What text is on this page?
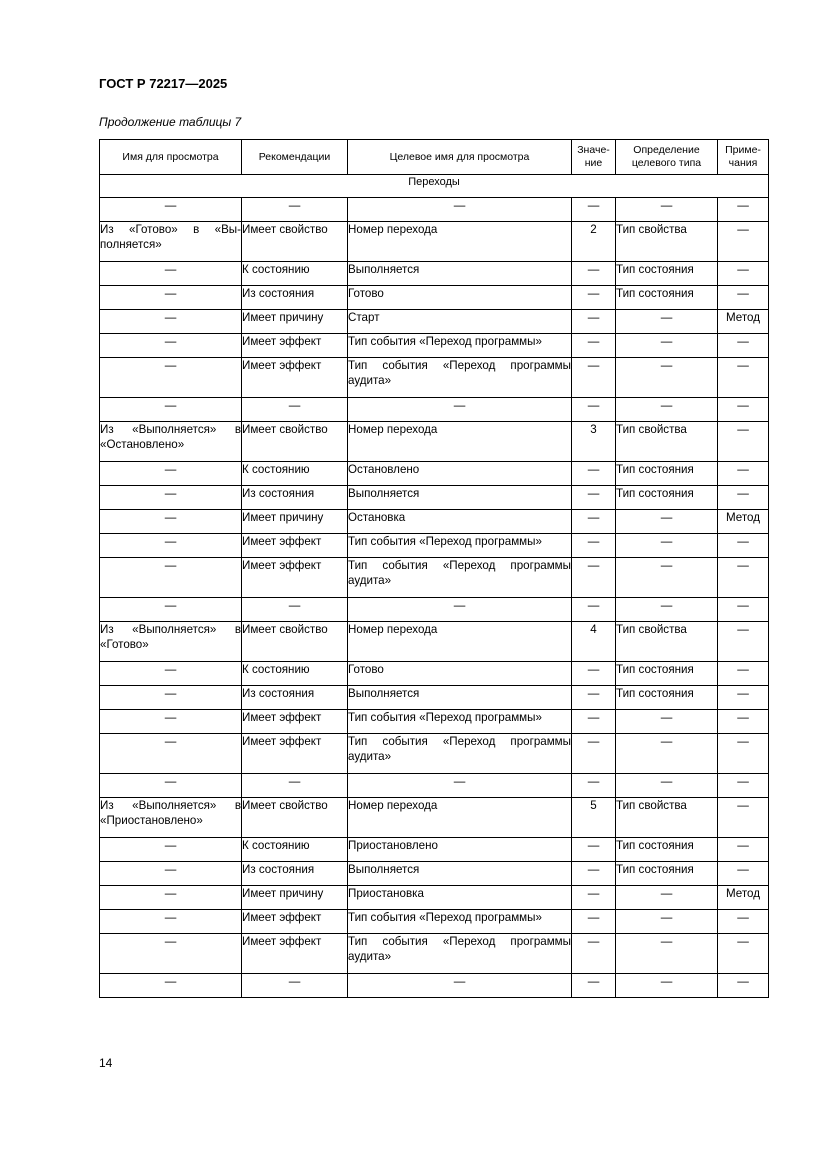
ГОСТ Р 72217—2025
Продолжение таблицы 7
Имя для просмотра	Рекомендации	Целевое имя для просмотра	Значе-ние	Определение целевого типа	Приме-чания
Переходы					
—	—	—	—	—	—
Из «Готово» в «Вы-полняется»	Имеет свойство	Номер перехода	2	Тип свойства	—
—	К состоянию	Выполняется	—	Тип состояния	—
—	Из состояния	Готово	—	Тип состояния	—
—	Имеет причину	Старт	—	—	Метод
—	Имеет эффект	Тип события «Переход программы»	—	—	—
—	Имеет эффект	Тип события «Переход программы аудита»	—	—	—
—	—	—	—	—	—
Из «Выполняется» в «Остановлено»	Имеет свойство	Номер перехода	3	Тип свойства	—
—	К состоянию	Остановлено	—	Тип состояния	—
—	Из состояния	Выполняется	—	Тип состояния	—
—	Имеет причину	Остановка	—	—	Метод
—	Имеет эффект	Тип события «Переход программы»	—	—	—
—	Имеет эффект	Тип события «Переход программы аудита»	—	—	—
—	—	—	—	—	—
Из «Выполняется» в «Готово»	Имеет свойство	Номер перехода	4	Тип свойства	—
—	К состоянию	Готово	—	Тип состояния	—
—	Из состояния	Выполняется	—	Тип состояния	—
—	Имеет эффект	Тип события «Переход программы»	—	—	—
—	Имеет эффект	Тип события «Переход программы аудита»	—	—	—
—	—	—	—	—	—
Из «Выполняется» в «Приостановлено»	Имеет свойство	Номер перехода	5	Тип свойства	—
—	К состоянию	Приостановлено	—	Тип состояния	—
—	Из состояния	Выполняется	—	Тип состояния	—
—	Имеет причину	Приостановка	—	—	Метод
—	Имеет эффект	Тип события «Переход программы»	—	—	—
—	Имеет эффект	Тип события «Переход программы аудита»	—	—	—
—	—	—	—	—	—
14
